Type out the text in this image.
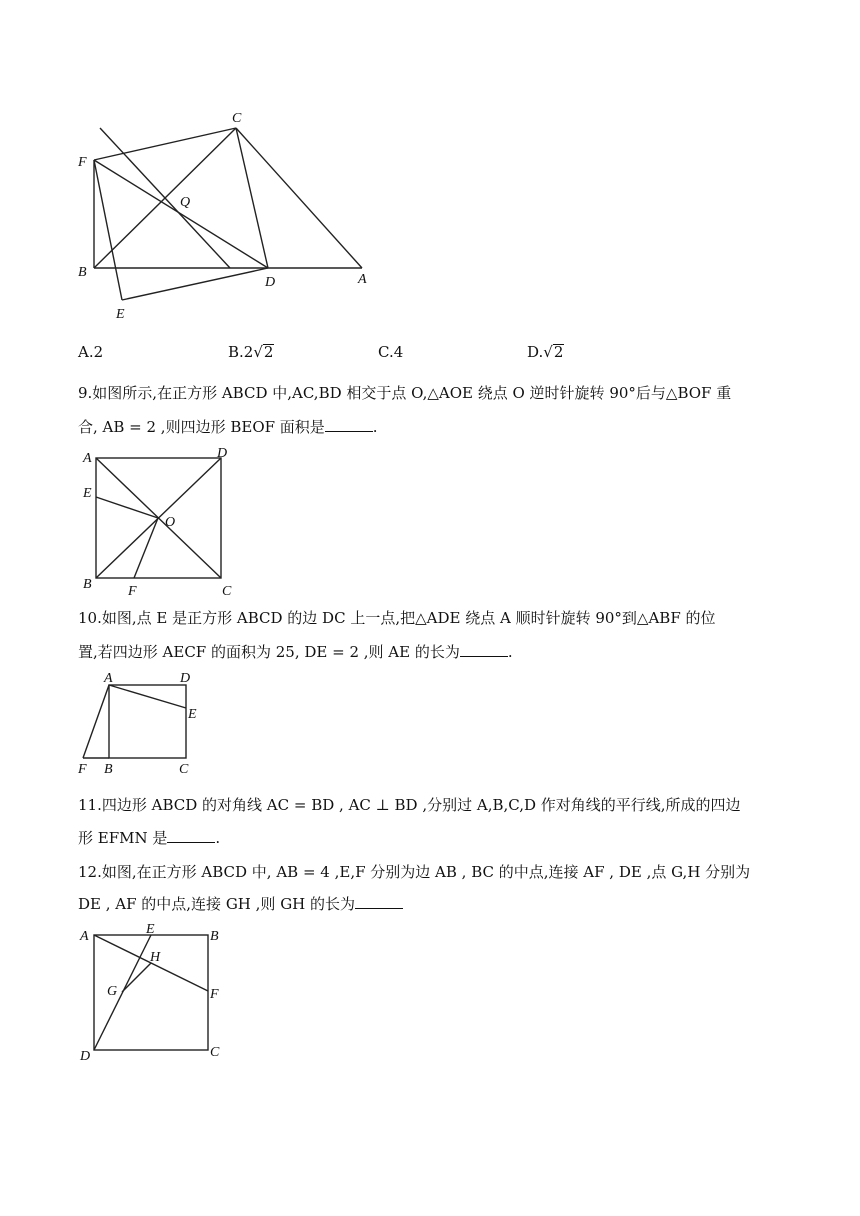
C
F
Q
B
D	A
E
A.2	B.2√2	C.4	D.√2
9.如图所示,在正方形 ABCD 中,AC,BD 相交于点 O,△AOE 绕点 O 逆时针旋转 90°后与△BOF 重
合, AB = 2 ,则四边形 BEOF 面积是	.
A	D
E
O
B	F	C
10.如图,点 E 是正方形 ABCD 的边 DC 上一点,把△ADE 绕点 A 顺时针旋转 90°到△ABF 的位
置,若四边形 AECF 的面积为 25, DE = 2 ,则 AE 的长为	.
A	D
E
F B	C
11.四边形 ABCD 的对角线 AC = BD , AC ⊥ BD ,分别过 A,B,C,D 作对角线的平行线,所成的四边
形 EFMN 是	.
12.如图,在正方形 ABCD 中, AB = 4 ,E,F 分别为边 AB , BC 的中点,连接 AF , DE ,点 G,H 分别为
DE , AF 的中点,连接 GH ,则 GH 的长为
A	E	B
H
G	F
D	C
